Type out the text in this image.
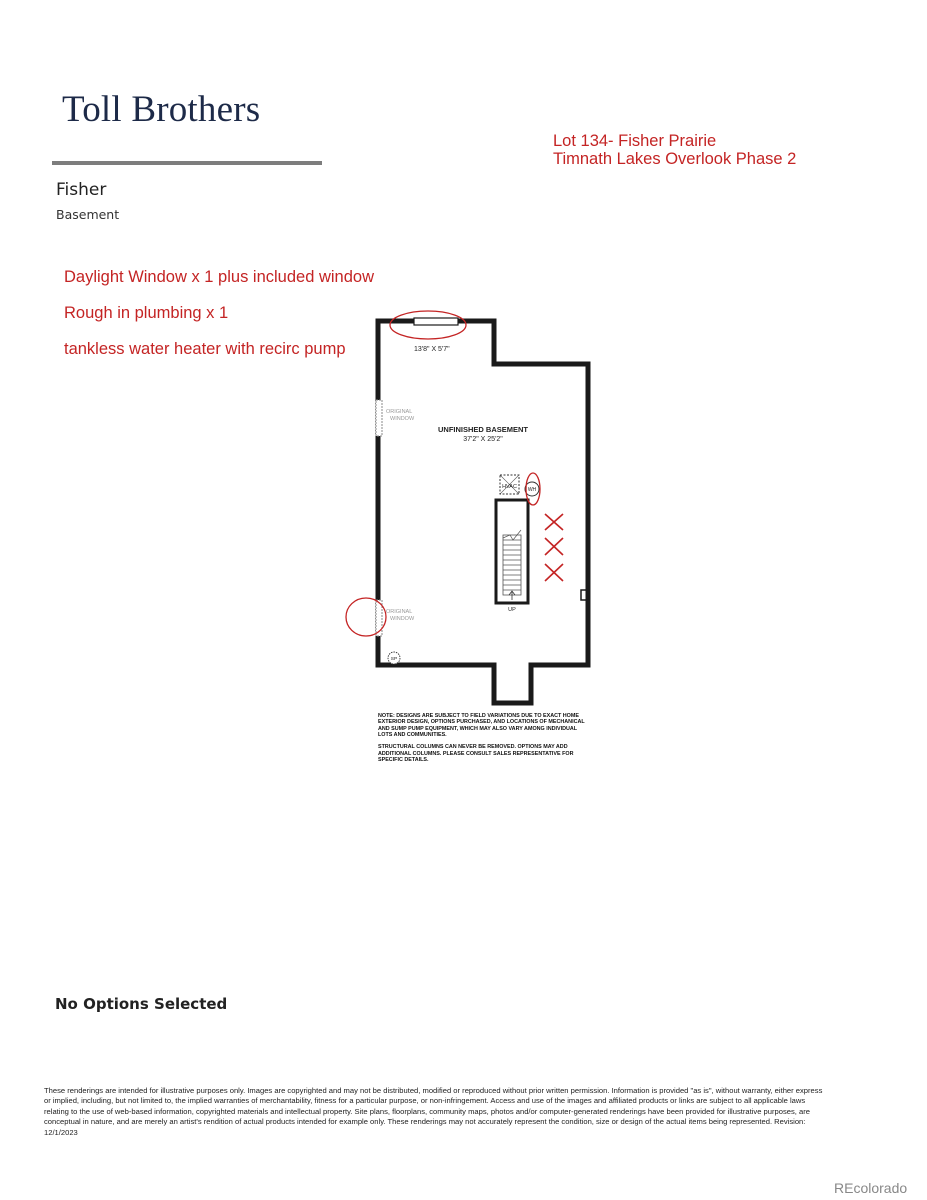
Toll Brothers
Fisher
Basement
Lot 134- Fisher Prairie
Timnath Lakes Overlook Phase 2
Daylight Window x 1 plus included window
Rough in plumbing x 1
tankless water heater with recirc pump	13'8" X 5'7"
ORIGINAL
WINDOW
ORIGINAL
WINDOW
UNFINISHED BASEMENT
37'2" X 25'2"
HVAC WH
UP
SP

NOTE: DESIGNS ARE SUBJECT TO FIELD VARIATIONS DUE TO EXACT HOME EXTERIOR DESIGN, OPTIONS PURCHASED, AND LOCATIONS OF MECHANICAL AND SUMP PUMP EQUIPMENT, WHICH MAY ALSO VARY AMONG INDIVIDUAL LOTS AND COMMUNITIES.

STRUCTURAL COLUMNS CAN NEVER BE REMOVED. OPTIONS MAY ADD ADDITIONAL COLUMNS. PLEASE CONSULT SALES REPRESENTATIVE FOR SPECIFIC DETAILS.

No Options Selected

These renderings are intended for illustrative purposes only. Images are copyrighted and may not be distributed, modified or reproduced without prior written permission. Information is provided "as is", without warranty, either express or implied, including, but not limited to, the implied warranties of merchantability, fitness for a particular purpose, or non-infringement. Access and use of the images and affiliated products or links are subject to all applicable laws relating to the use of web-based information, copyrighted materials and intellectual property. Site plans, floorplans, community maps, photos and/or computer-generated renderings have been provided for illustrative purposes, are conceptual in nature, and are merely an artist's rendition of actual products intended for example only. These renderings may not accurately represent the condition, size or design of the actual items being represented. Revision: 12/1/2023

REcolorado
